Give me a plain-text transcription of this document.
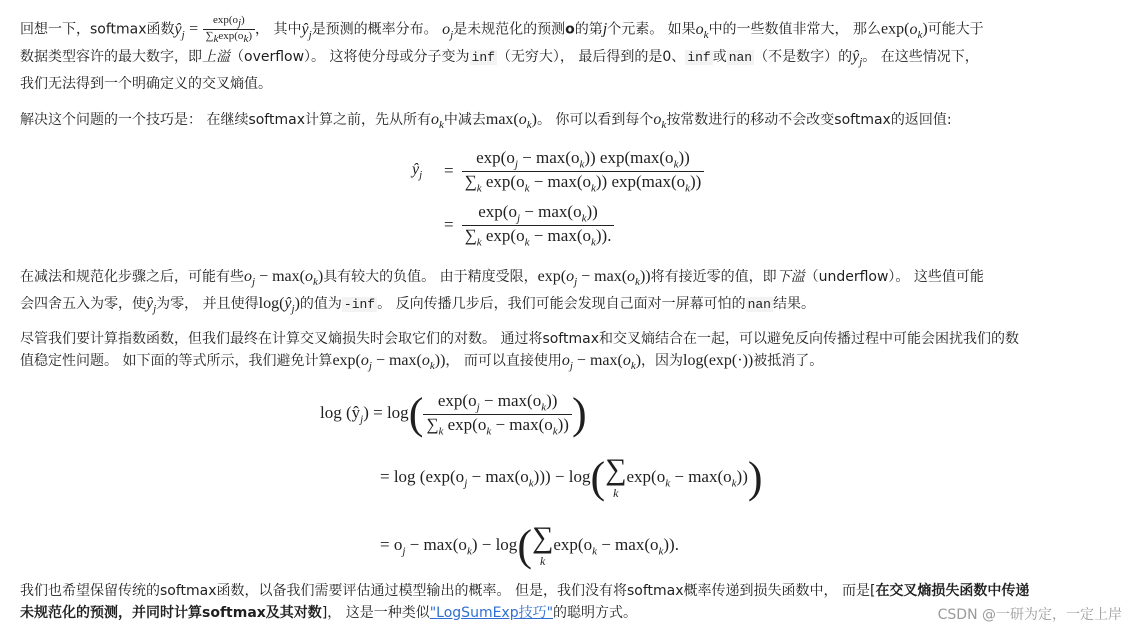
回想一下，softmax函数$ŷ_j = \frac{\exp(o_j)}{\sum_k\exp(o_k)}$ ， 其中$ŷ_j$是预测的概率分布。 $o_j$是未规范化的预测o的第j个元素。 如果$o_k$中的一些数值非常大， 那么$\exp(o_k)$可能大于
数据类型容许的最大数字，即上溢（overflow）。 这将使分母或分子变为 inf （无穷大）， 最后得到的是0、 inf 或 nan （不是数字）的$ŷ_j$。 在这些情况下，
我们无法得到一个明确定义的交叉熵值。
解决这个问题的一个技巧是： 在继续softmax计算之前，先从所有$o_k$中减去$\max(o_k)$。 你可以看到每个$o_k$按常数进行的移动不会改变softmax的返回值:
$ŷ_j$	= $\frac{\exp(o_j - \max(o_k)) \exp(\max(o_k))}{\sum_k \exp(o_k - \max(o_k)) \exp(\max(o_k))}$
= $\frac{\exp(o_j - \max(o_k))}{\sum_k \exp(o_k - \max(o_k)).}$
在减法和规范化步骤之后，可能有些$o_j - \max(o_k)$具有较大的负值。 由于精度受限，$\exp(o_j - \max(o_k))$将有接近零的值，即下溢（underflow）。 这些值可能
会四舍五入为零，使$ŷ_j$为零， 并且使得$\log(ŷ_j)$的值为 -inf 。 反向传播几步后，我们可能会发现自己面对一屏幕可怕的 nan 结果。
尽管我们要计算指数函数，但我们最终在计算交叉熵损失时会取它们的对数。 通过将softmax和交叉熵结合在一起，可以避免反向传播过程中可能会困扰我们的数
值稳定性问题。 如下面的等式所示，我们避免计算$\exp(o_j - \max(o_k))$， 而可以直接使用$o_j - \max(o_k)$，因为log(exp(·))被抵消了。
$\log (ŷ_j) = \log$ ( $\frac{\exp(o_j - \max(o_k))}{\sum_k \exp(o_k - \max(o_k))}$ )
= $\log (\exp(o_j - \max(o_k))) - \log$ ( ∑
k
$\exp(o_k - \max(o_k))$ )
= $o_j - \max(o_k) - \log$ ( ∑
k
$\exp(o_k - \max(o_k))$.
我们也希望保留传统的softmax函数，以备我们需要评估通过模型输出的概率。 但是，我们没有将softmax概率传递到损失函数中， 而是[在交叉熵损失函数中传递
未规范化的预测，并同时计算softmax及其对数]， 这是一种类似"LogSumExp技巧"的聪明方式。	CSDN @一研为定，一定上岸
